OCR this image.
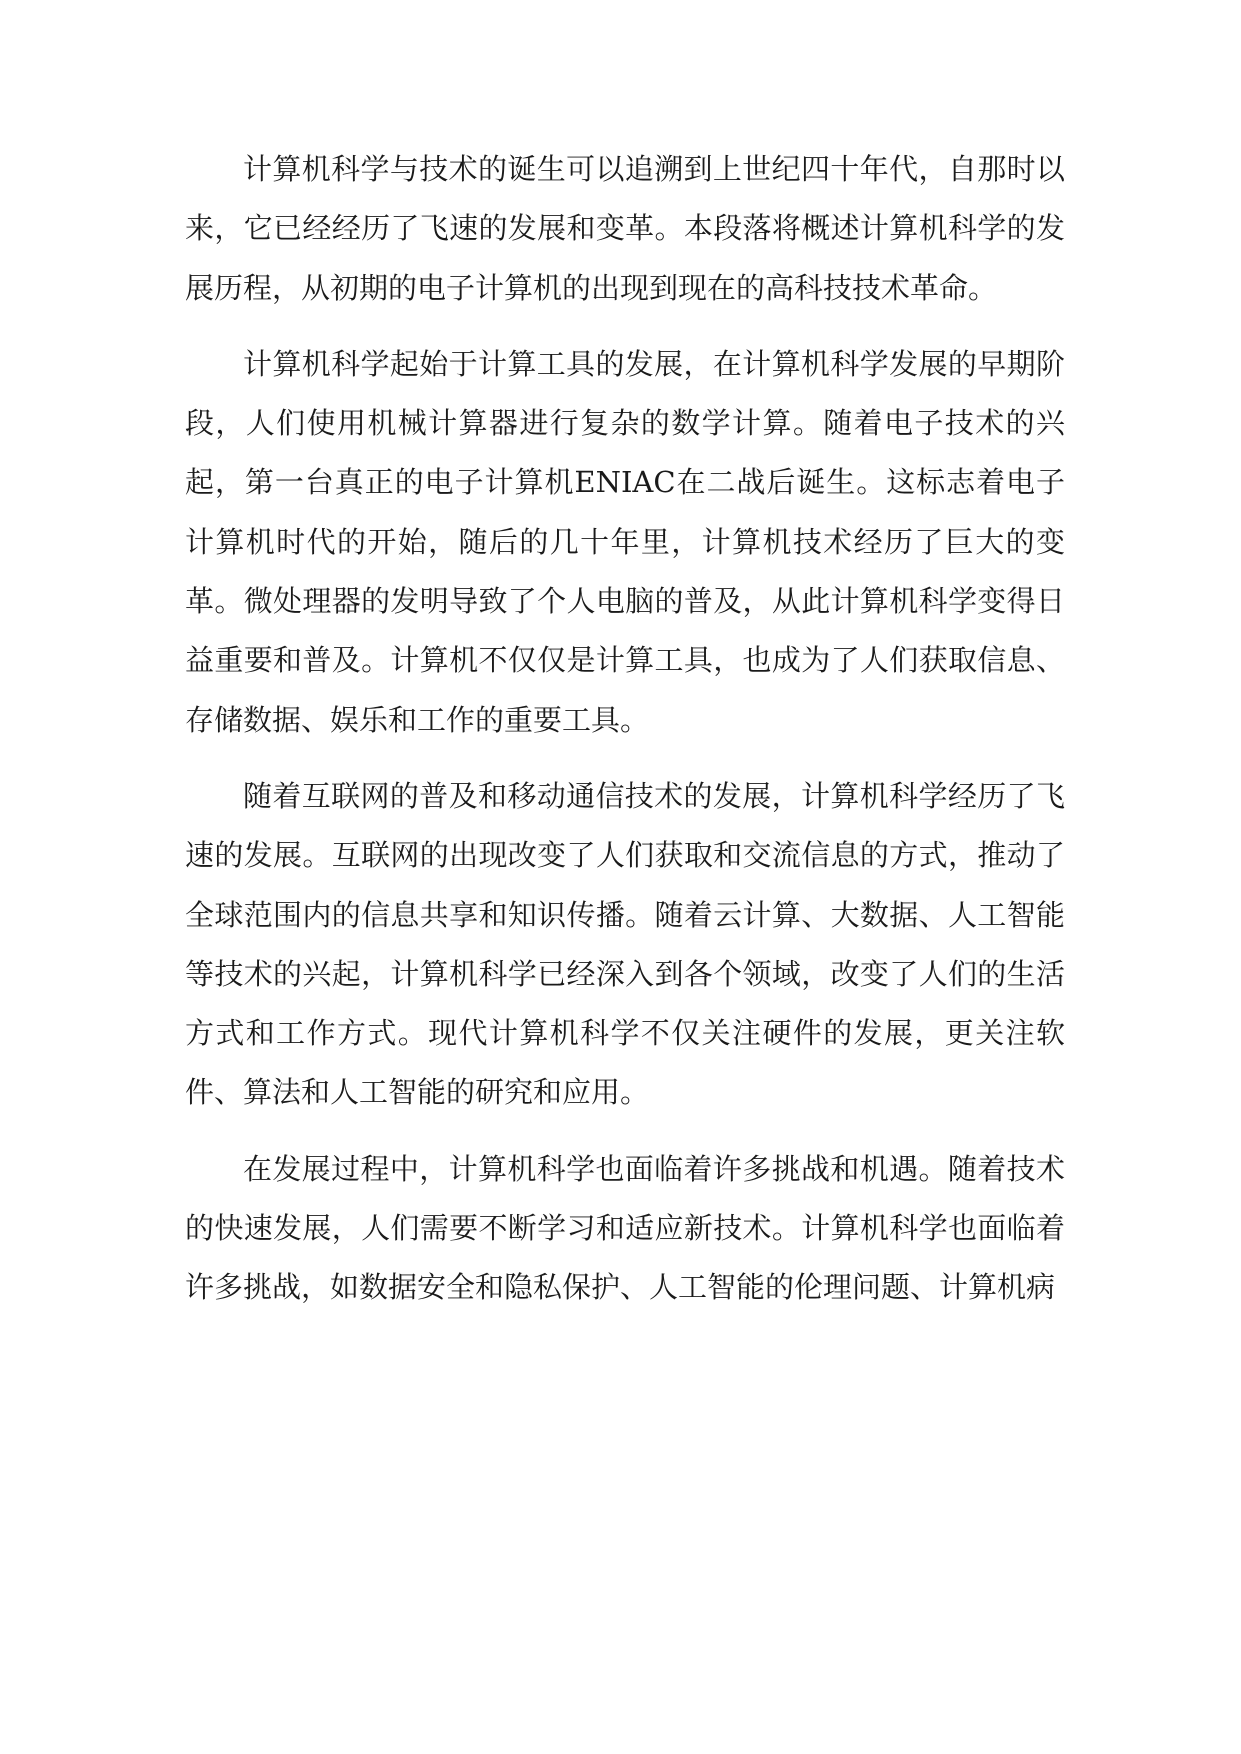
计算机科学与技术的诞生可以追溯到上世纪四十年代，自那时以来，它已经经历了飞速的发展和变革。本段落将概述计算机科学的发展历程，从初期的电子计算机的出现到现在的高科技技术革命。

计算机科学起始于计算工具的发展，在计算机科学发展的早期阶段，人们使用机械计算器进行复杂的数学计算。随着电子技术的兴起，第一台真正的电子计算机ENIAC在二战后诞生。这标志着电子计算机时代的开始，随后的几十年里，计算机技术经历了巨大的变革。微处理器的发明导致了个人电脑的普及，从此计算机科学变得日益重要和普及。计算机不仅仅是计算工具，也成为了人们获取信息、存储数据、娱乐和工作的重要工具。

随着互联网的普及和移动通信技术的发展，计算机科学经历了飞速的发展。互联网的出现改变了人们获取和交流信息的方式，推动了全球范围内的信息共享和知识传播。随着云计算、大数据、人工智能等技术的兴起，计算机科学已经深入到各个领域，改变了人们的生活方式和工作方式。现代计算机科学不仅关注硬件的发展，更关注软件、算法和人工智能的研究和应用。

在发展过程中，计算机科学也面临着许多挑战和机遇。随着技术的快速发展，人们需要不断学习和适应新技术。计算机科学也面临着许多挑战，如数据安全和隐私保护、人工智能的伦理问题、计算机病
